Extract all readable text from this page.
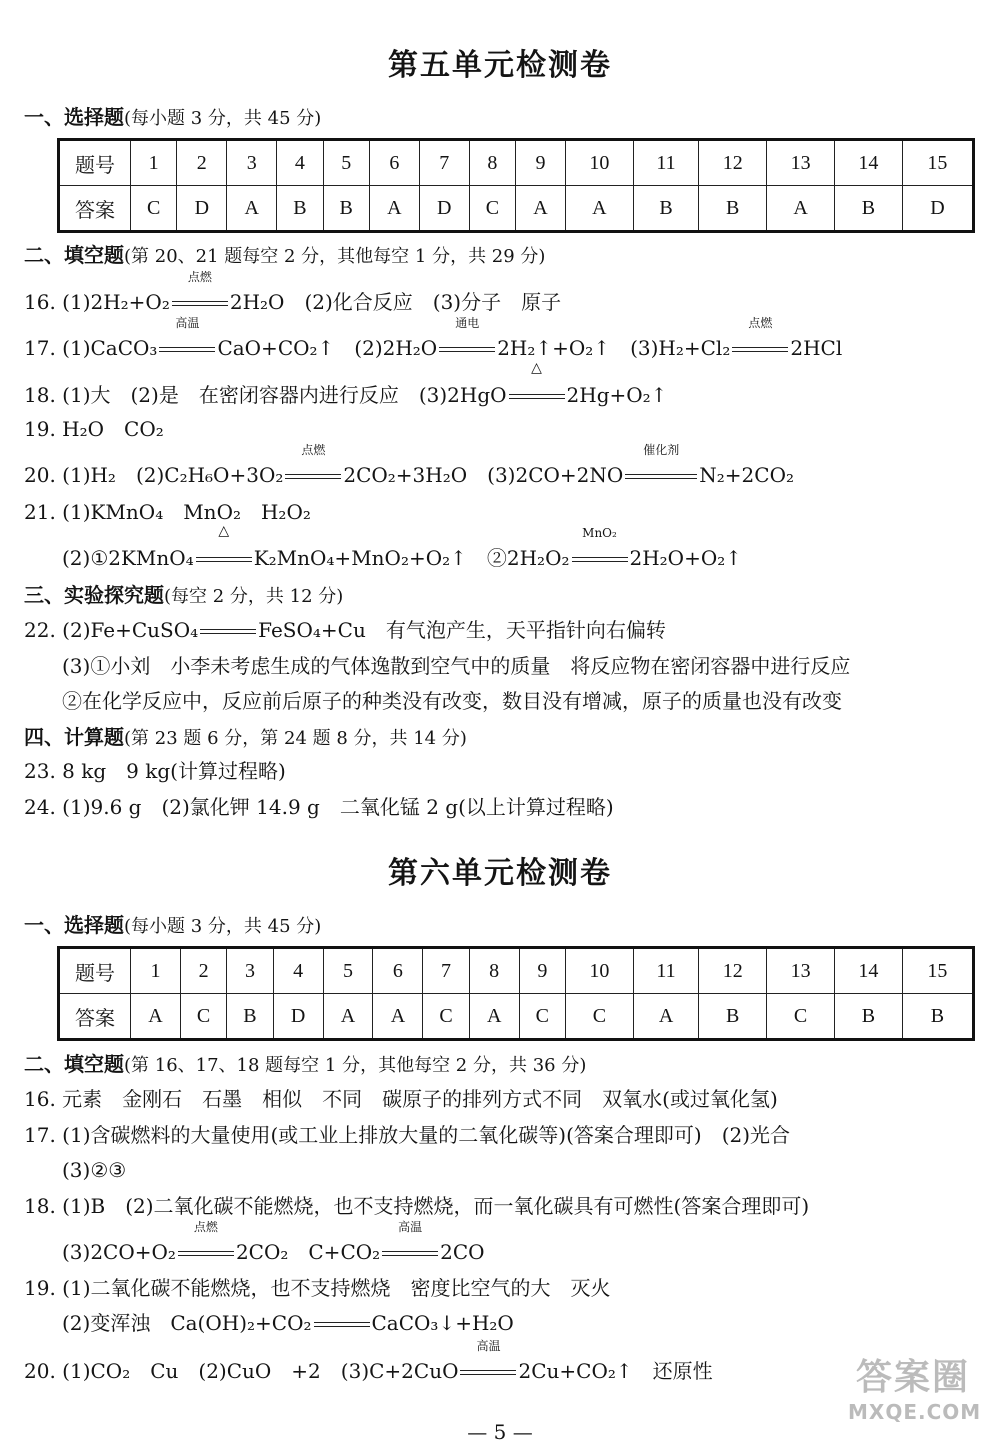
第五单元检测卷
一、选择题(每小题 3 分，共 45 分)
题号	1	2	3	4	5	6	7	8	9	10	11	12	13	14	15
答案	C	D	A	B	B	A	D	C	A	A	B	B	A	B	D
二、填空题(第 20、21 题每空 2 分，其他每空 1 分，共 29 分)
16. (1)2H₂+O₂
点燃
2H₂O　(2)化合反应　(3)分子　原子
17. (1)CaCO₃
高温
CaO+CO₂↑　(2)2H₂O
通电
2H₂↑+O₂↑　(3)H₂+Cl₂
点燃
2HCl
18. (1)大　(2)是　在密闭容器内进行反应　(3)2HgO
△
2Hg+O₂↑
19. H₂O　CO₂
20. (1)H₂　(2)C₂H₆O+3O₂
点燃
2CO₂+3H₂O　(3)2CO+2NO
催化剂
N₂+2CO₂
21. (1)KMnO₄　MnO₂　H₂O₂
(2)①2KMnO₄
△
K₂MnO₄+MnO₂+O₂↑　②2H₂O₂
MnO₂
2H₂O+O₂↑
三、实验探究题(每空 2 分，共 12 分)
22. (2)Fe+CuSO₄	FeSO₄+Cu　有气泡产生，天平指针向右偏转
(3)①小刘　小李未考虑生成的气体逸散到空气中的质量　将反应物在密闭容器中进行反应
②在化学反应中，反应前后原子的种类没有改变，数目没有增减，原子的质量也没有改变
四、计算题(第 23 题 6 分，第 24 题 8 分，共 14 分)
23. 8 kg　9 kg(计算过程略)
24. (1)9.6 g　(2)氯化钾 14.9 g　二氧化锰 2 g(以上计算过程略)
第六单元检测卷
一、选择题(每小题 3 分，共 45 分)
题号	1	2	3	4	5	6	7	8	9	10	11	12	13	14	15
答案	A	C	B	D	A	A	C	A	C	C	A	B	C	B	B
二、填空题(第 16、17、18 题每空 1 分，其他每空 2 分，共 36 分)
16. 元素　金刚石　石墨　相似　不同　碳原子的排列方式不同　双氧水(或过氧化氢)
17. (1)含碳燃料的大量使用(或工业上排放大量的二氧化碳等)(答案合理即可)　(2)光合
(3)②③
18. (1)B　(2)二氧化碳不能燃烧，也不支持燃烧，而一氧化碳具有可燃性(答案合理即可)
(3)2CO+O₂
点燃
2CO₂　C+CO₂
高温
2CO
19. (1)二氧化碳不能燃烧，也不支持燃烧　密度比空气的大　灭火
(2)变浑浊　Ca(OH)₂+CO₂	CaCO₃↓+H₂O
20. (1)CO₂　Cu　(2)CuO　+2　(3)C+2CuO
高温
2Cu+CO₂↑　还原性
— 5 —
答案圈
MXQE.COM
